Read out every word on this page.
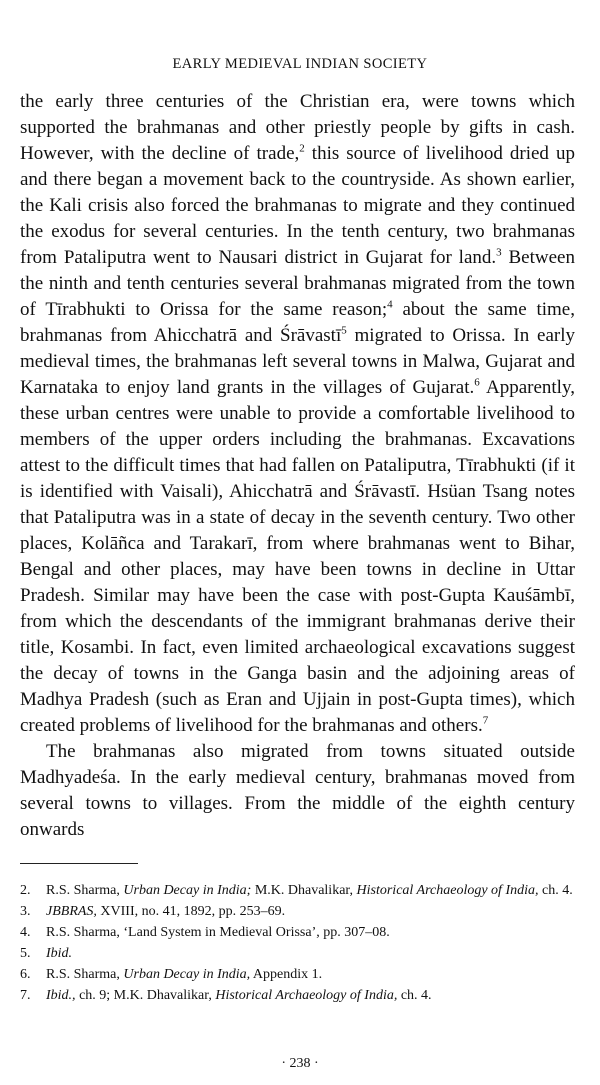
EARLY MEDIEVAL INDIAN SOCIETY

the early three centuries of the Christian era, were towns which supported the brahmanas and other priestly people by gifts in cash. However, with the decline of trade,$^2$ this source of livelihood dried up and there began a movement back to the countryside. As shown earlier, the Kali crisis also forced the brahmanas to migrate and they continued the exodus for several centuries. In the tenth century, two brahmanas from Pataliputra went to Nausari district in Gujarat for land.$^3$ Between the ninth and tenth centuries several brahmanas migrated from the town of Tīrabhukti to Orissa for the same reason;$^4$ about the same time, brahmanas from Ahicchatrā and Śrāvastī$^5$ migrated to Orissa. In early medieval times, the brahmanas left several towns in Malwa, Gujarat and Karnataka to enjoy land grants in the villages of Gujarat.$^6$ Apparently, these urban centres were unable to provide a comfortable livelihood to members of the upper orders including the brahmanas. Excavations attest to the difficult times that had fallen on Pataliputra, Tīrabhukti (if it is identified with Vaisali), Ahicchatrā and Śrāvastī. Hsüan Tsang notes that Pataliputra was in a state of decay in the seventh century. Two other places, Kolāñca and Tarakarī, from where brahmanas went to Bihar, Bengal and other places, may have been towns in decline in Uttar Pradesh. Similar may have been the case with post-Gupta Kauśāmbī, from which the descendants of the immigrant brahmanas derive their title, Kosambi. In fact, even limited archaeological excavations suggest the decay of towns in the Ganga basin and the adjoining areas of Madhya Pradesh (such as Eran and Ujjain in post-Gupta times), which created problems of livelihood for the brahmanas and others.$^7$

The brahmanas also migrated from towns situated outside Madhyadeśa. In the early medieval century, brahmanas moved from several towns to villages. From the middle of the eighth century onwards

2.	R.S. Sharma, Urban Decay in India; M.K. Dhavalikar, Historical Archaeology of India, ch. 4.
3.	JBBRAS, XVIII, no. 41, 1892, pp. 253–69.
4.	R.S. Sharma, ‘Land System in Medieval Orissa’, pp. 307–08.
5.	Ibid.
6.	R.S. Sharma, Urban Decay in India, Appendix 1.
7.	Ibid., ch. 9; M.K. Dhavalikar, Historical Archaeology of India, ch. 4.
· 238 ·
